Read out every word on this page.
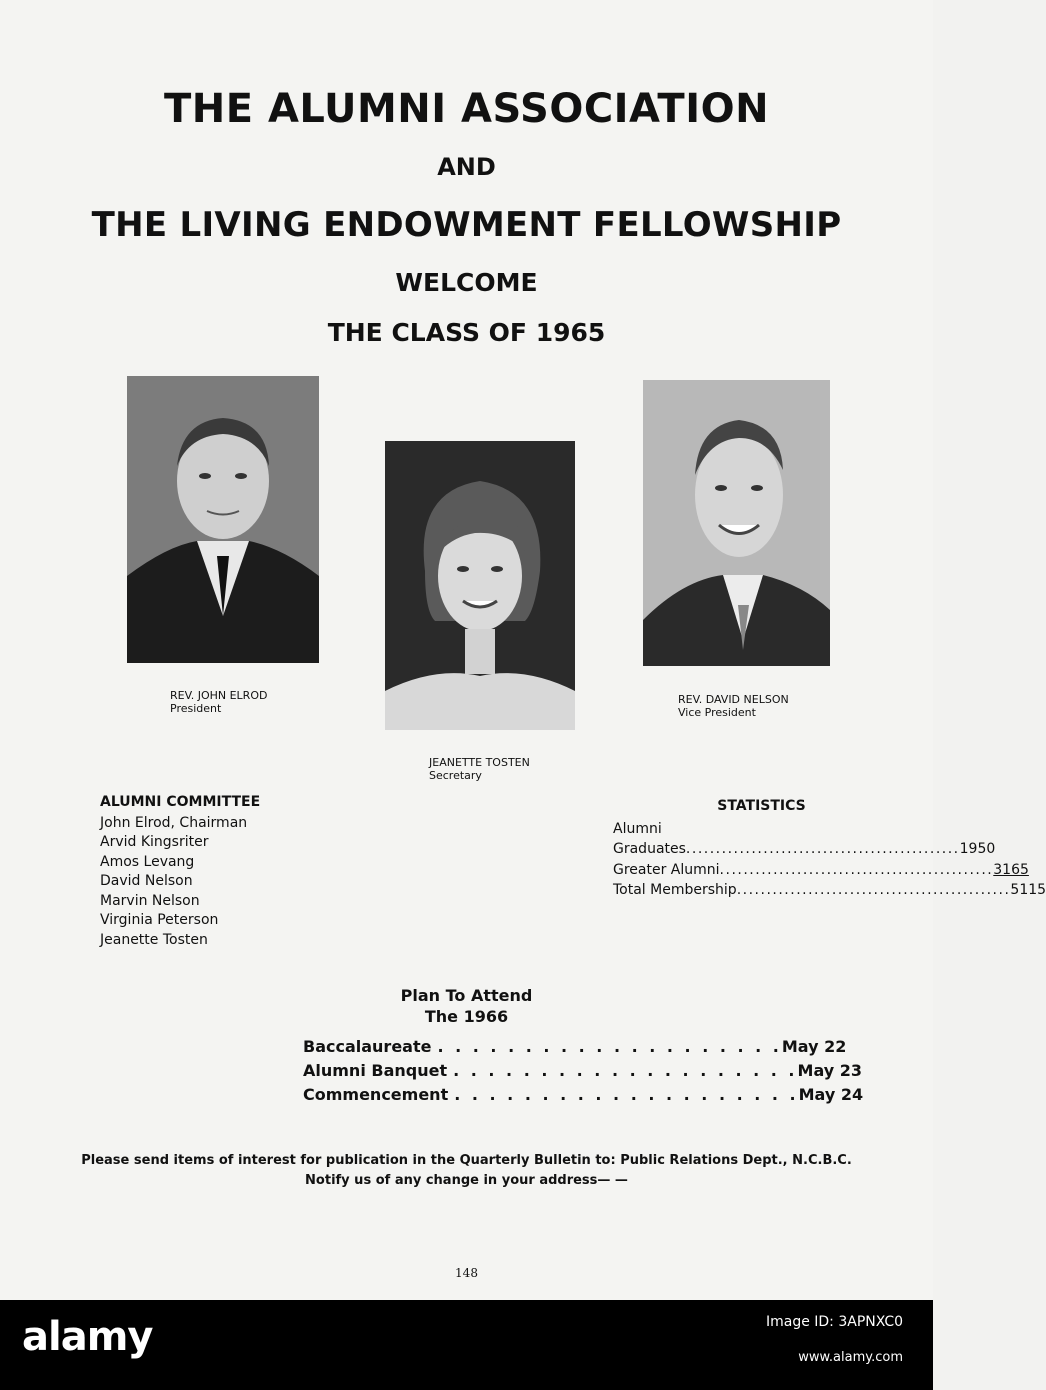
THE ALUMNI ASSOCIATION
AND
THE LIVING ENDOWMENT FELLOWSHIP
WELCOME
THE CLASS OF 1965
REV. JOHN ELROD
President
JEANETTE TOSTEN
Secretary
REV. DAVID NELSON
Vice President
ALUMNI COMMITTEE
John Elrod, Chairman
Arvid Kingsriter
Amos Levang
David Nelson
Marvin Nelson
Virginia Peterson
Jeanette Tosten
STATISTICS
Alumni
Graduates .............................................. 1950
Greater Alumni .............................................. 3165
Total Membership .............................................. 5115
Plan To Attend
The 1966
Baccalaureate . . . . . . . . . . . . . . . . . . . . May 22
Alumni Banquet . . . . . . . . . . . . . . . . . . . . May 23
Commencement . . . . . . . . . . . . . . . . . . . . May 24
Please send items of interest for publication in the Quarterly Bulletin to: Public Relations Dept., N.C.B.C.
Notify us of any change in your address— —
148
alamy	Image ID: 3APNXC0
www.alamy.com
